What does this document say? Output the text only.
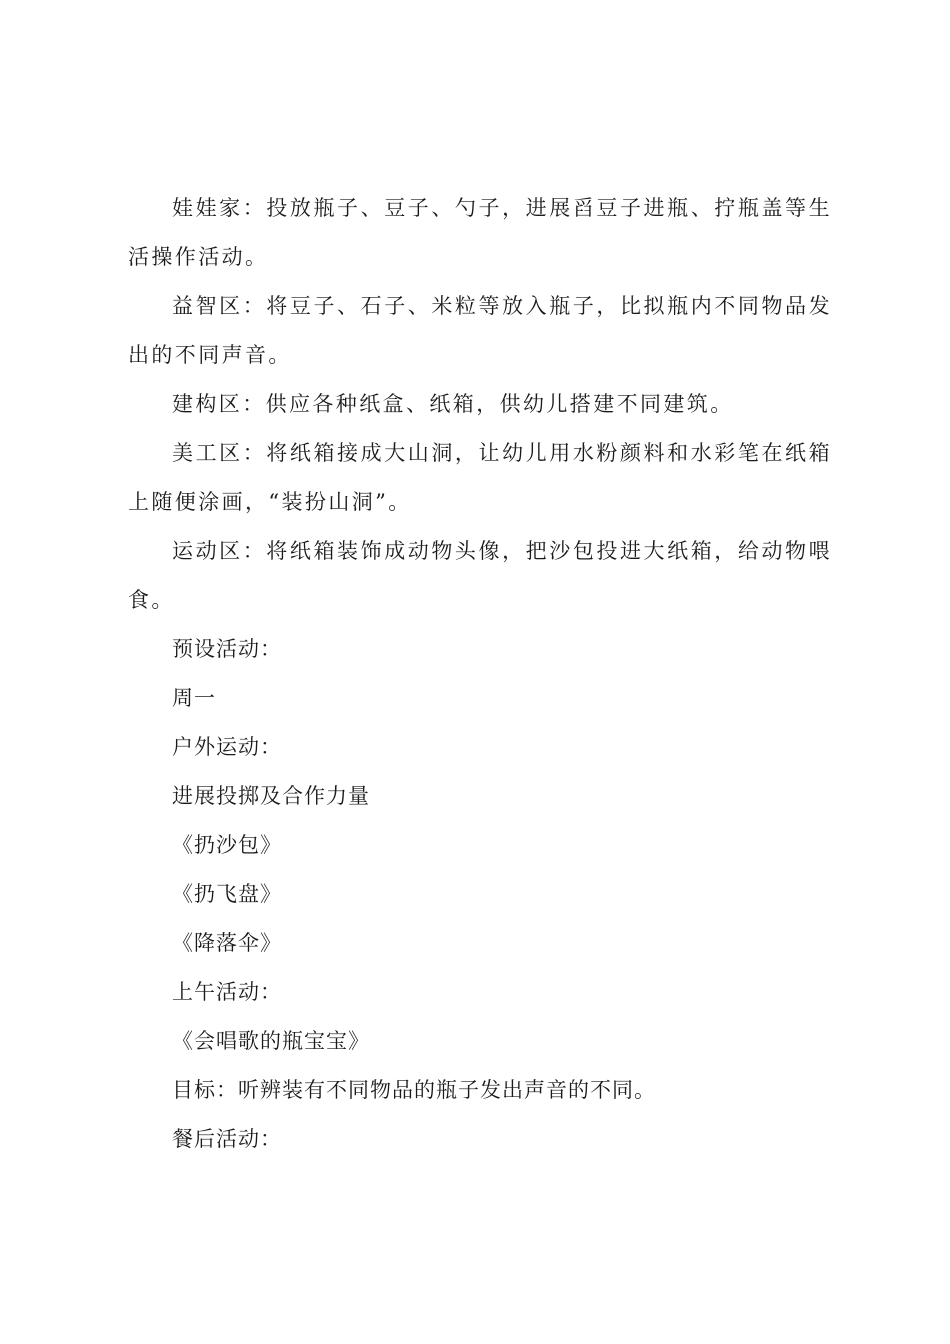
娃娃家：投放瓶子、豆子、勺子，进展舀豆子进瓶、拧瓶盖等生活操作活动。

益智区：将豆子、石子、米粒等放入瓶子，比拟瓶内不同物品发出的不同声音。

建构区：供应各种纸盒、纸箱，供幼儿搭建不同建筑。

美工区：将纸箱接成大山洞，让幼儿用水粉颜料和水彩笔在纸箱上随便涂画，“装扮山洞”。

运动区：将纸箱装饰成动物头像，把沙包投进大纸箱，给动物喂食。

预设活动：

周一

户外运动：

进展投掷及合作力量

《扔沙包》

《扔飞盘》

《降落伞》

上午活动：

《会唱歌的瓶宝宝》

目标：听辨装有不同物品的瓶子发出声音的不同。

餐后活动：
